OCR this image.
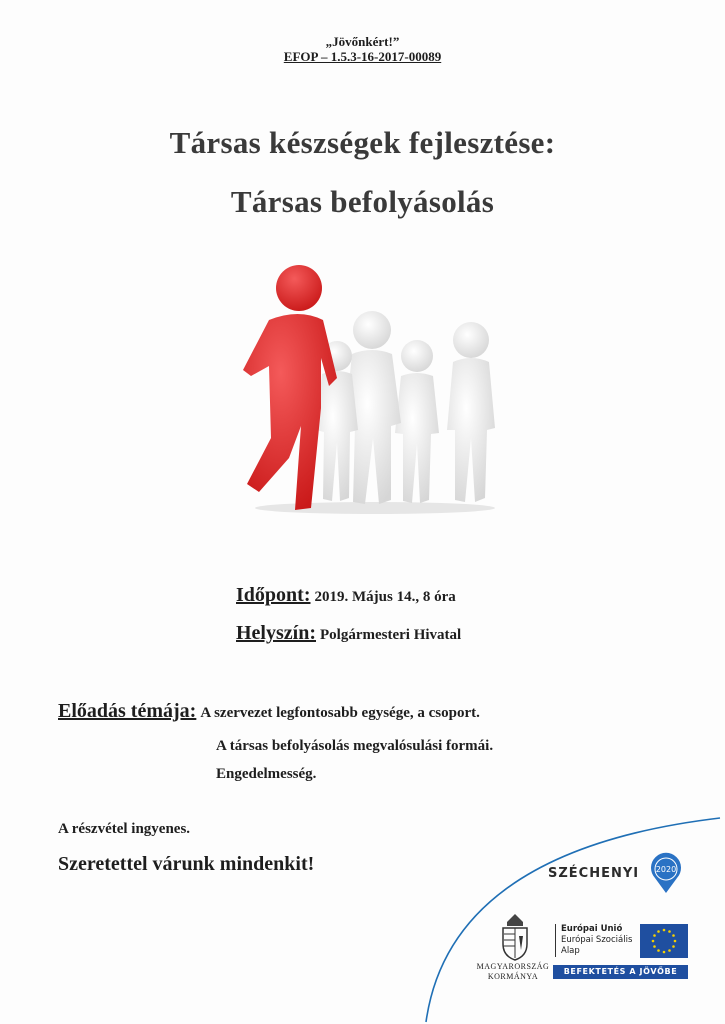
„Jövőnkért!”
EFOP – 1.5.3-16-2017-00089
Társas készségek fejlesztése:
Társas befolyásolás
Időpont: 2019. Május 14., 8 óra
Helyszín: Polgármesteri Hivatal
Előadás témája: A szervezet legfontosabb egysége, a csoport.
A társas befolyásolás megvalósulási formái.
Engedelmesség.
A részvétel ingyenes.
Szeretettel várunk mindenkit!	SZÉCHENYI 2020
MAGYARORSZÁG
KORMÁNYA
Európai Unió
Európai Szociális
Alap
BEFEKTETÉS A JÖVŐBE
